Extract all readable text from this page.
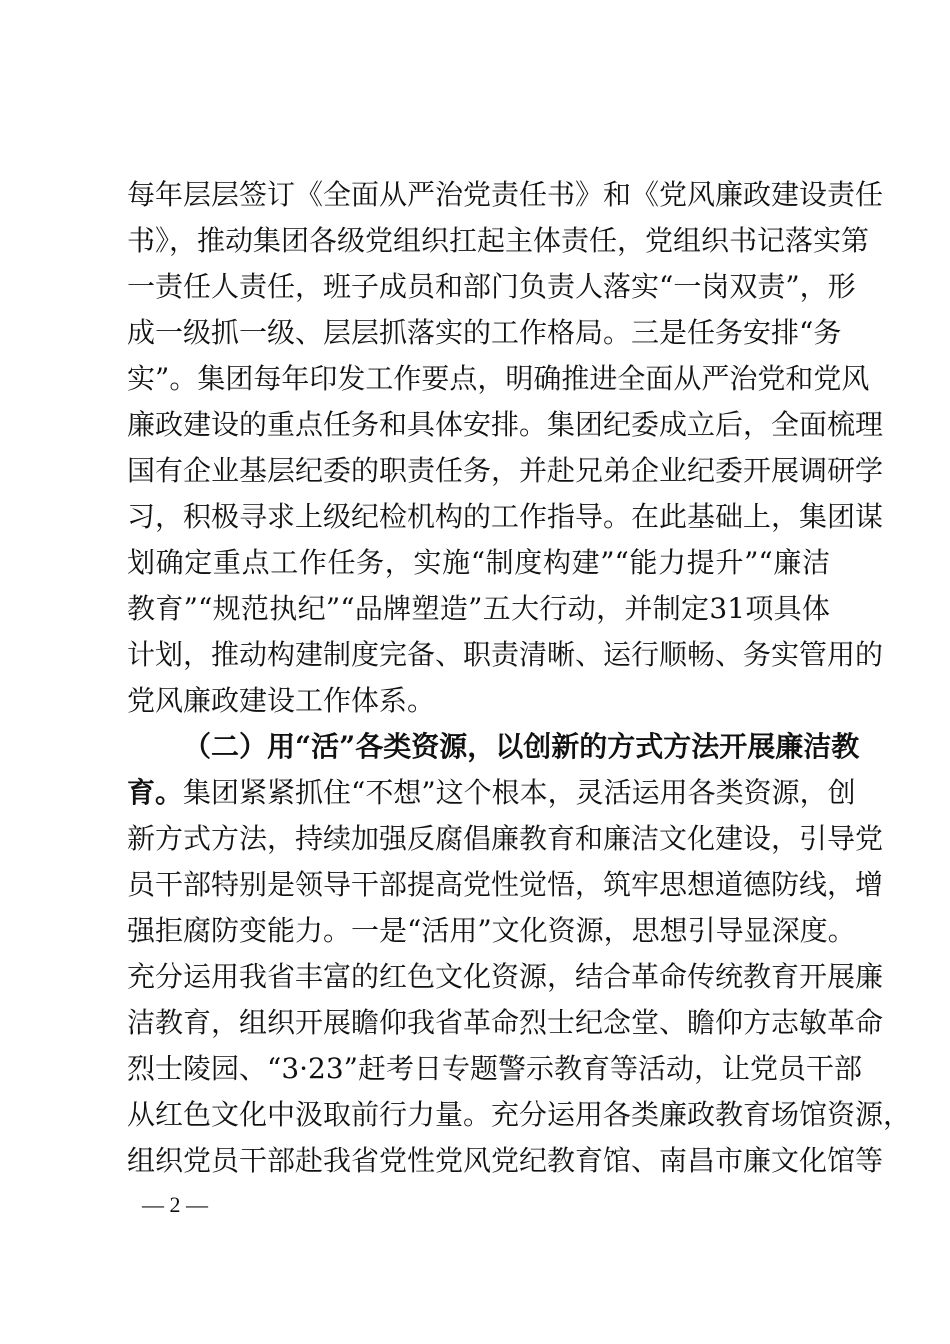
每年层层签订《全面从严治党责任书》和《党风廉政建设责任
书》，推动集团各级党组织扛起主体责任，党组织书记落实第
一责任人责任，班子成员和部门负责人落实“一岗双责”，形
成一级抓一级、层层抓落实的工作格局。三是任务安排“务
实”。集团每年印发工作要点，明确推进全面从严治党和党风
廉政建设的重点任务和具体安排。集团纪委成立后，全面梳理
国有企业基层纪委的职责任务，并赴兄弟企业纪委开展调研学
习，积极寻求上级纪检机构的工作指导。在此基础上，集团谋
划确定重点工作任务，实施“制度构建”“能力提升”“廉洁
教育”“规范执纪”“品牌塑造”五大行动，并制定31项具体
计划，推动构建制度完备、职责清晰、运行顺畅、务实管用的
党风廉政建设工作体系。
（二）用“活”各类资源，以创新的方式方法开展廉洁教
育。集团紧紧抓住“不想”这个根本，灵活运用各类资源，创
新方式方法，持续加强反腐倡廉教育和廉洁文化建设，引导党
员干部特别是领导干部提高党性觉悟，筑牢思想道德防线，增
强拒腐防变能力。一是“活用”文化资源，思想引导显深度。
充分运用我省丰富的红色文化资源，结合革命传统教育开展廉
洁教育，组织开展瞻仰我省革命烈士纪念堂、瞻仰方志敏革命
烈士陵园、“3·23”赶考日专题警示教育等活动，让党员干部
从红色文化中汲取前行力量。充分运用各类廉政教育场馆资源，
组织党员干部赴我省党性党风党纪教育馆、南昌市廉文化馆等
— 2 —
